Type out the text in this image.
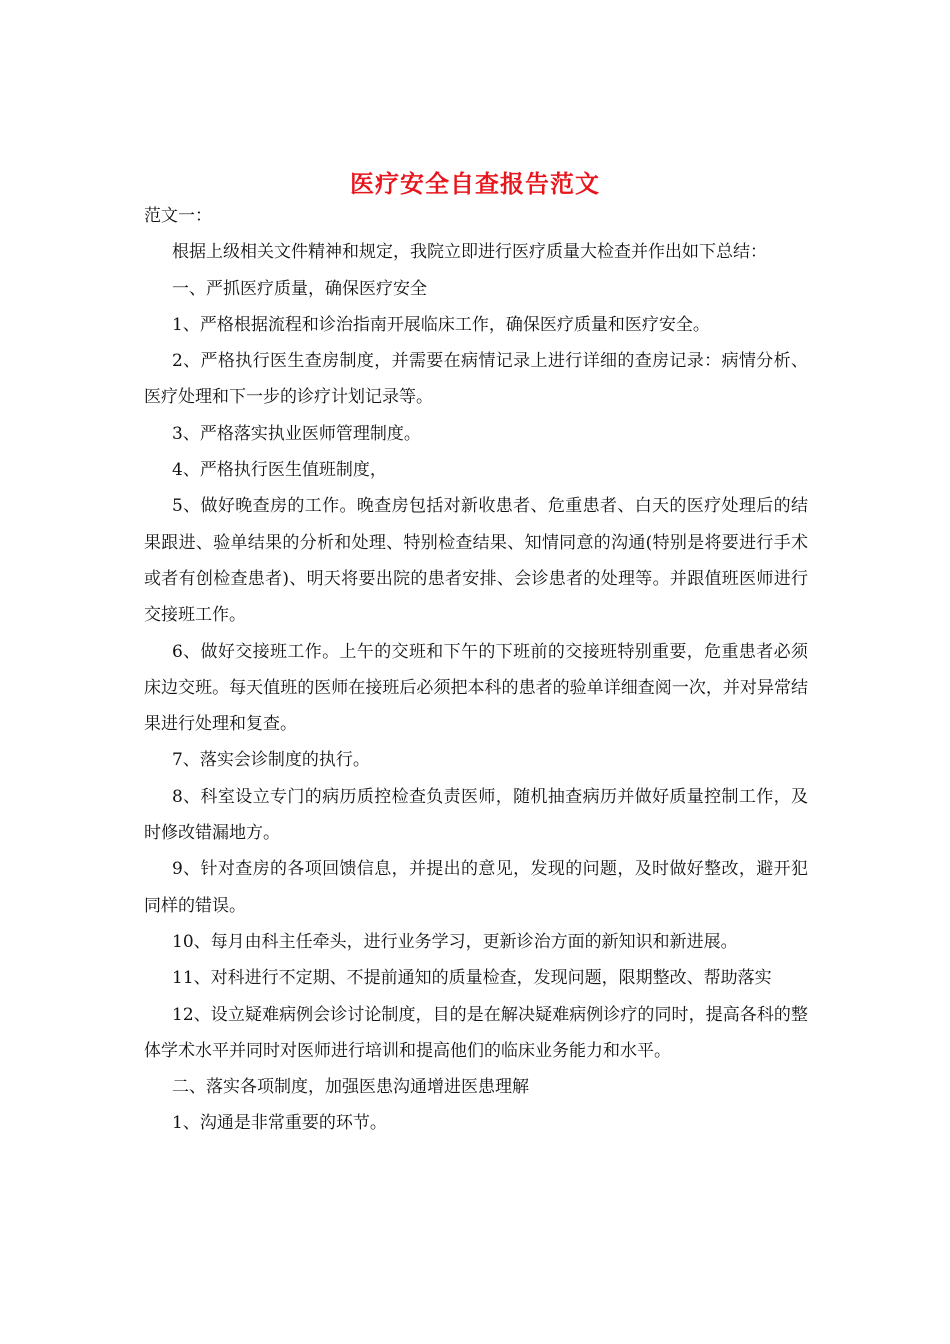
医疗安全自查报告范文

范文一：

根据上级相关文件精神和规定，我院立即进行医疗质量大检查并作出如下总结：

一、严抓医疗质量，确保医疗安全

1、严格根据流程和诊治指南开展临床工作，确保医疗质量和医疗安全。

2、严格执行医生查房制度，并需要在病情记录上进行详细的查房记录：病情分析、医疗处理和下一步的诊疗计划记录等。

3、严格落实执业医师管理制度。

4、严格执行医生值班制度，

5、做好晚查房的工作。晚查房包括对新收患者、危重患者、白天的医疗处理后的结果跟进、验单结果的分析和处理、特别检查结果、知情同意的沟通(特别是将要进行手术或者有创检查患者)、明天将要出院的患者安排、会诊患者的处理等。并跟值班医师进行交接班工作。

6、做好交接班工作。上午的交班和下午的下班前的交接班特别重要，危重患者必须床边交班。每天值班的医师在接班后必须把本科的患者的验单详细查阅一次，并对异常结果进行处理和复查。

7、落实会诊制度的执行。

8、科室设立专门的病历质控检查负责医师，随机抽查病历并做好质量控制工作，及时修改错漏地方。

9、针对查房的各项回馈信息，并提出的意见，发现的问题，及时做好整改，避开犯同样的错误。

10、每月由科主任牵头，进行业务学习，更新诊治方面的新知识和新进展。

11、对科进行不定期、不提前通知的质量检查，发现问题，限期整改、帮助落实

12、设立疑难病例会诊讨论制度，目的是在解决疑难病例诊疗的同时，提高各科的整体学术水平并同时对医师进行培训和提高他们的临床业务能力和水平。

二、落实各项制度，加强医患沟通增进医患理解

1、沟通是非常重要的环节。
